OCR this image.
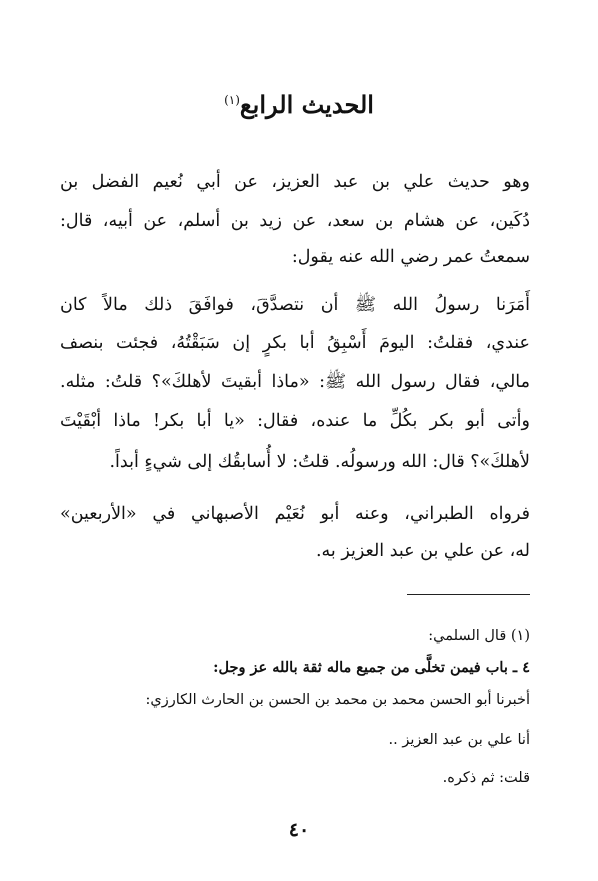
الحديث الرابع$^{(١)}$
وهو حديث علي بن عبد العزيز، عن أبي نُعيم الفضل بن
دُكَين، عن هشام بن سعد، عن زيد بن أسلم، عن أبيه، قال:
سمعتُ عمر رضي الله عنه يقول:
أَمَرَنا رسولُ الله ﷺ أن نتصدَّقَ، فوافَقَ ذلك مالاً كان
عندي، فقلتُ: اليومَ أَسْبِقُ أبا بكرٍ إن سَبَقْتُهُ، فجئت بنصف
مالي، فقال رسول الله ﷺ: «ماذا أبقيتَ لأهلكَ»؟ قلتُ: مثله.
وأتى أبو بكر بكُلِّ ما عنده، فقال: «يا أبا بكر! ماذا أبْقَيْتَ
لأهلكَ»؟ قال: الله ورسولُه. قلتُ: لا أُسابقُك إلى شيءٍ أبداً.
فرواه الطبراني، وعنه أبو نُعَيْم الأصبهاني في «الأربعين»
له، عن علي بن عبد العزيز به.
(١) قال السلمي:
٤ ـ باب فيمن تخلَّى من جميع ماله ثقة بالله عز وجل:
أخبرنا أبو الحسن محمد بن محمد بن الحسن بن الحارث الكارزي:
أنا علي بن عبد العزيز ..
قلت: ثم ذكره.
٤٠
